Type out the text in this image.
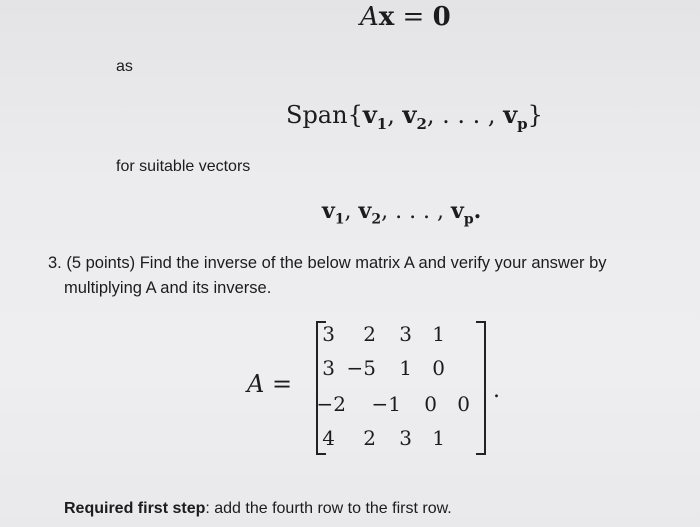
Ax = 0
as
$Span\{v_1$, $v_2$, . . . , $v_p$}
for suitable vectors
$v_1$, $v_2$, . . . , $v_p$.
3. (5 points) Find the inverse of the below matrix A and verify your answer by
multiplying A and its inverse.
A =
3	2	3	1
3 −5	1	0
−2	−1	0	0
4	2	3	1
.
Required first step: add the fourth row to the first row.
